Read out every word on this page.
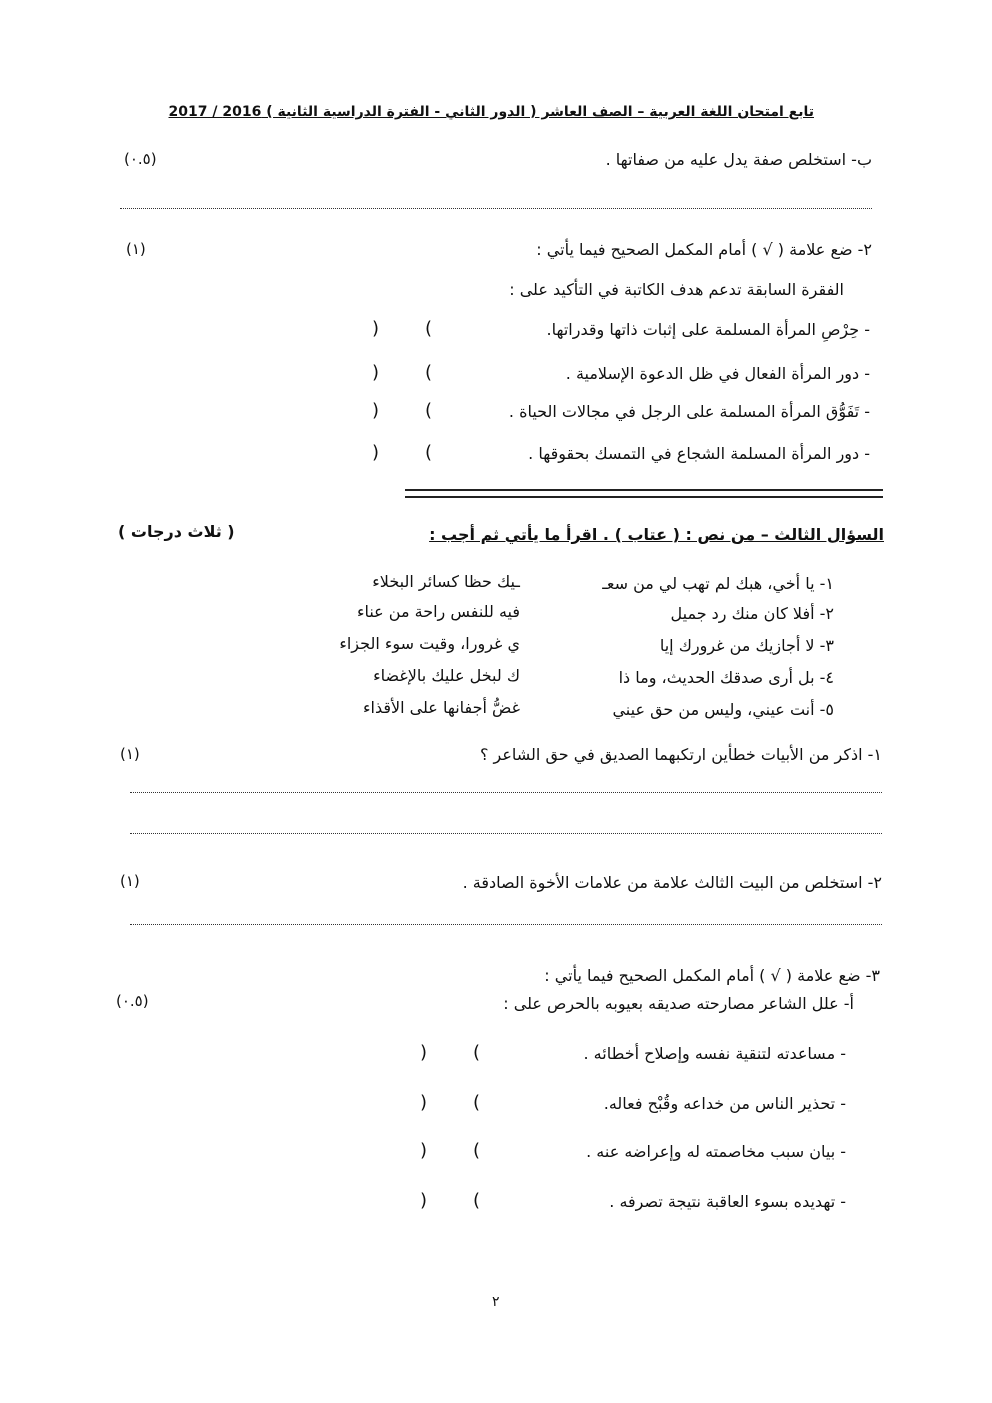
تابع امتحان اللغة العربية – الصف العاشر ( الدور الثاني - الفترة الدراسية الثانية ) 2016 / 2017
ب- استخلص صفة يدل عليه من صفاتها .
(٠.٥)
٢- ضع علامة ( √ ) أمام المكمل الصحيح فيما يأتي :
(١)
الفقرة السابقة تدعم هدف الكاتبة في التأكيد على :
- حِرْصِ المرأة المسلمة على إثبات ذاتها وقدراتها.
)	(
- دور المرأة الفعال في ظل الدعوة الإسلامية .
)	(
- تَفَوُّق المرأة المسلمة على الرجل في مجالات الحياة .
)	(
- دور المرأة المسلمة الشجاع في التمسك بحقوقها .
)	(
السؤال الثالث – من نص : ( عتاب ) . اقرأ ما يأتي ثم أجب :
( ثلاث درجات )
١- يا أخي، هبك لم تهب لي من سعـ
ـيك حظا كسائر البخلاء
٢- أفلا كان منك رد جميل
فيه للنفس راحة من عناء
٣- لا أجازيك من غرورك إيا
ي غرورا، وقيت سوء الجزاء
٤- بل أرى صدقك الحديث، وما ذا
ك لبخل عليك بالإغضاء
٥- أنت عيني، وليس من حق عيني
غضُّ أجفانها على الأقذاء
١- اذكر من الأبيات خطأين ارتكبهما الصديق في حق الشاعر ؟
(١)
٢- استخلص من البيت الثالث علامة من علامات الأخوة الصادقة .
(١)
٣- ضع علامة ( √ ) أمام المكمل الصحيح فيما يأتي :
أ- علل الشاعر مصارحته صديقه بعيوبه بالحرص على :
(٠.٥)
- مساعدته لتنقية نفسه وإصلاح أخطائه .
)	(
- تحذير الناس من خداعه وقُبْح فعاله.
)	(
- بيان سبب مخاصمته له وإعراضه عنه .
)	(
- تهديده بسوء العاقبة نتيجة تصرفه .
)	(
٢
